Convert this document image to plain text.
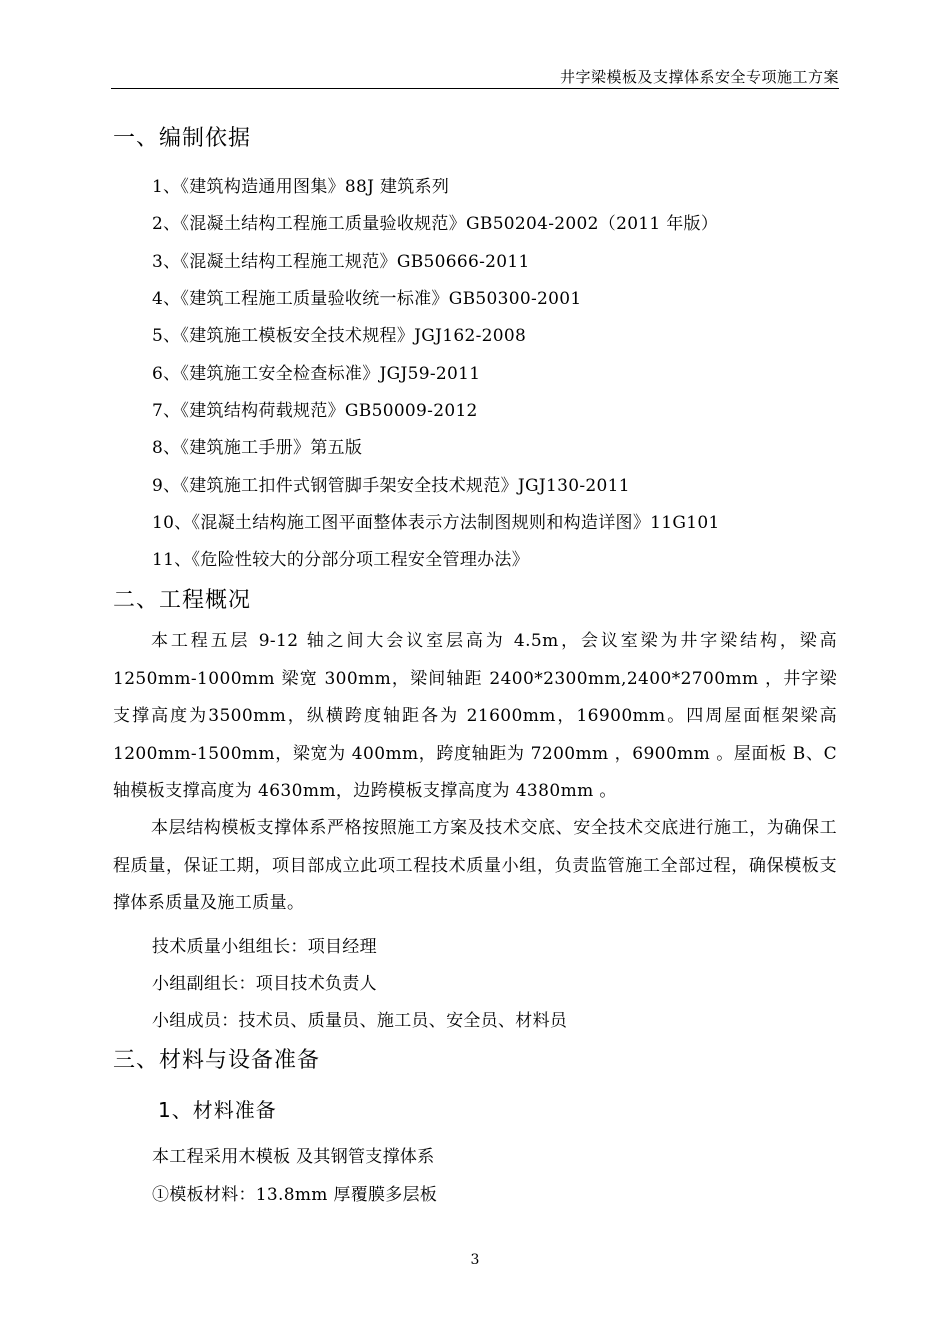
井字梁模板及支撑体系安全专项施工方案
一、编制依据
1、《建筑构造通用图集》88J 建筑系列
2、《混凝土结构工程施工质量验收规范》GB50204-2002（2011 年版）
3、《混凝土结构工程施工规范》GB50666-2011
4、《建筑工程施工质量验收统一标准》GB50300-2001
5、《建筑施工模板安全技术规程》JGJ162-2008
6、《建筑施工安全检查标准》JGJ59-2011
7、《建筑结构荷载规范》GB50009-2012
8、《建筑施工手册》第五版
9、《建筑施工扣件式钢管脚手架安全技术规范》JGJ130-2011
10、《混凝土结构施工图平面整体表示方法制图规则和构造详图》11G101
11、《危险性较大的分部分项工程安全管理办法》
二、工程概况

本工程五层 9-12 轴之间大会议室层高为 4.5m，会议室梁为井字梁结构，梁高1250mm-1000mm 梁宽 300mm，梁间轴距 2400*2300mm,2400*2700mm ，井字梁支撑高度为3500mm，纵横跨度轴距各为 21600mm，16900mm。四周屋面框架梁高 1200mm-1500mm，梁宽为 400mm，跨度轴距为 7200mm ，6900mm 。屋面板 B、C 轴模板支撑高度为 4630mm，边跨模板支撑高度为 4380mm 。

本层结构模板支撑体系严格按照施工方案及技术交底、安全技术交底进行施工，为确保工程质量，保证工期，项目部成立此项工程技术质量小组，负责监管施工全部过程，确保模板支撑体系质量及施工质量。

技术质量小组组长：项目经理
小组副组长：项目技术负责人
小组成员：技术员、质量员、施工员、安全员、材料员
三、材料与设备准备
1、材料准备
本工程采用木模板 及其钢管支撑体系
①模板材料：13.8mm 厚覆膜多层板
3
